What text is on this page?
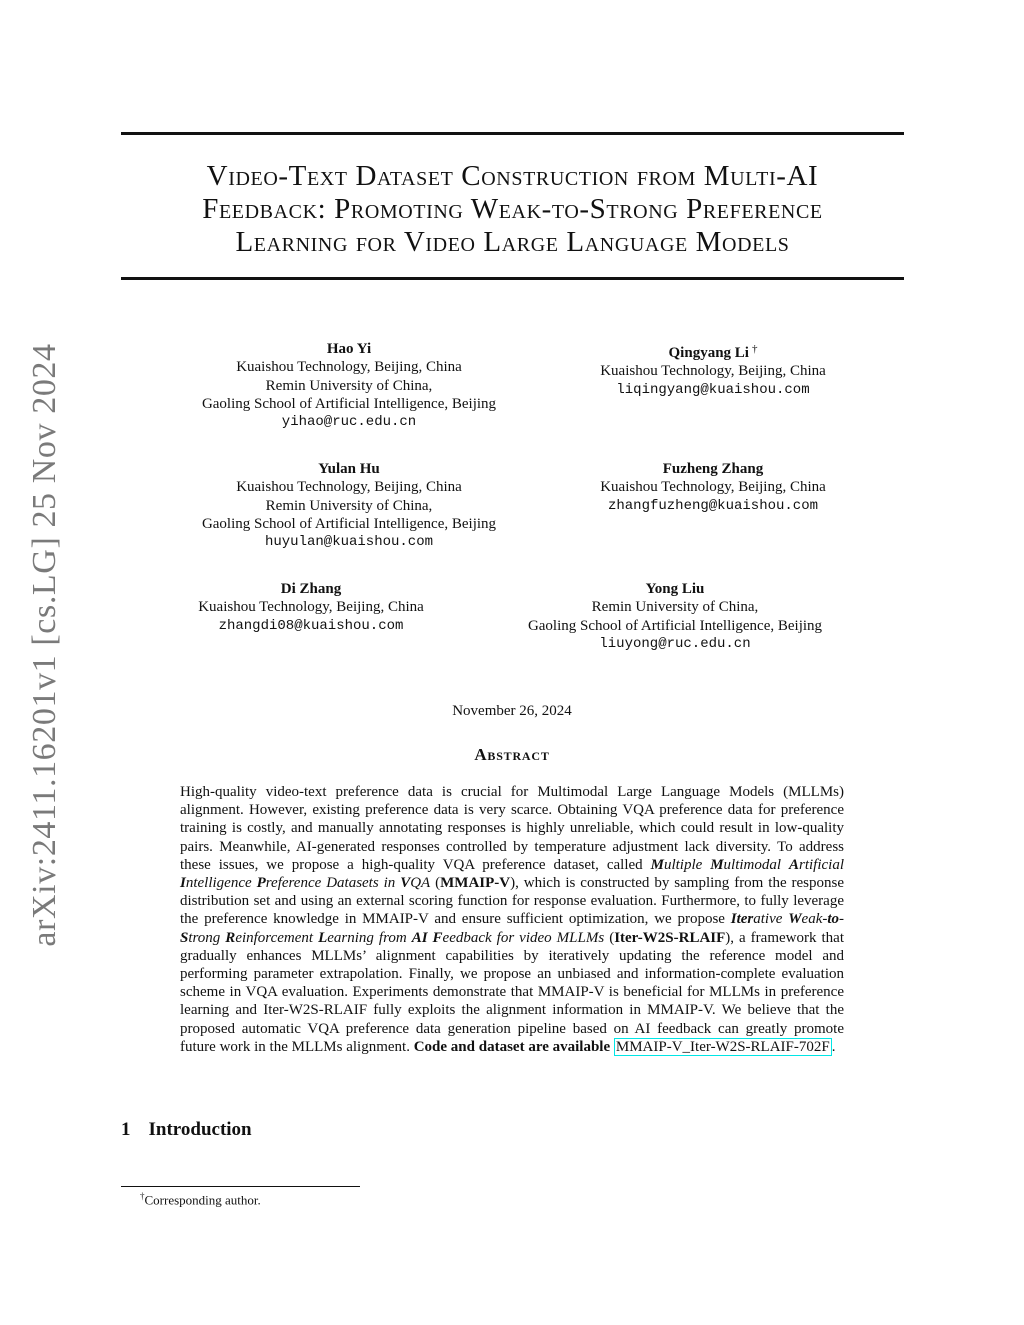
Video-Text Dataset Construction from Multi-AI
Feedback: Promoting Weak-to-Strong Preference
Learning for Video Large Language Models
arXiv:2411.16201v1 [cs.LG] 25 Nov 2024	Hao Yi
Kuaishou Technology, Beijing, China
Remin University of China,
Gaoling School of Artificial Intelligence, Beijing
yihao@ruc.edu.cn
Qingyang Li †
Kuaishou Technology, Beijing, China
liqingyang@kuaishou.com
Yulan Hu
Kuaishou Technology, Beijing, China
Remin University of China,
Gaoling School of Artificial Intelligence, Beijing
huyulan@kuaishou.com
Fuzheng Zhang
Kuaishou Technology, Beijing, China
zhangfuzheng@kuaishou.com
Di Zhang
Kuaishou Technology, Beijing, China
zhangdi08@kuaishou.com
Yong Liu
Remin University of China,
Gaoling School of Artificial Intelligence, Beijing
liuyong@ruc.edu.cn
November 26, 2024
Abstract

High-quality video-text preference data is crucial for Multimodal Large Language Models (MLLMs) alignment. However, existing preference data is very scarce. Obtaining VQA preference data for preference training is costly, and manually annotating responses is highly unreliable, which could result in low-quality pairs. Meanwhile, AI-generated responses controlled by temperature adjustment lack diversity. To address these issues, we propose a high-quality VQA preference dataset, called Multiple Multimodal Artificial Intelligence Preference Datasets in VQA (MMAIP-V), which is constructed by sampling from the response distribution set and using an external scoring function for response evaluation. Furthermore, to fully leverage the preference knowledge in MMAIP-V and ensure sufficient optimization, we propose Iterative Weak-to-Strong Reinforcement Learning from AI Feedback for video MLLMs (Iter-W2S-RLAIF), a framework that gradually enhances MLLMs’ alignment capabilities by iteratively updating the reference model and performing parameter extrapolation. Finally, we propose an unbiased and information-complete evaluation scheme in VQA evaluation. Experiments demonstrate that MMAIP-V is beneficial for MLLMs in preference learning and Iter-W2S-RLAIF fully exploits the alignment information in MMAIP-V. We believe that the proposed automatic VQA preference data generation pipeline based on AI feedback can greatly promote future work in the MLLMs alignment. Code and dataset are available MMAIP-V_Iter-W2S-RLAIF-702F .

1 Introduction
†Corresponding author.
